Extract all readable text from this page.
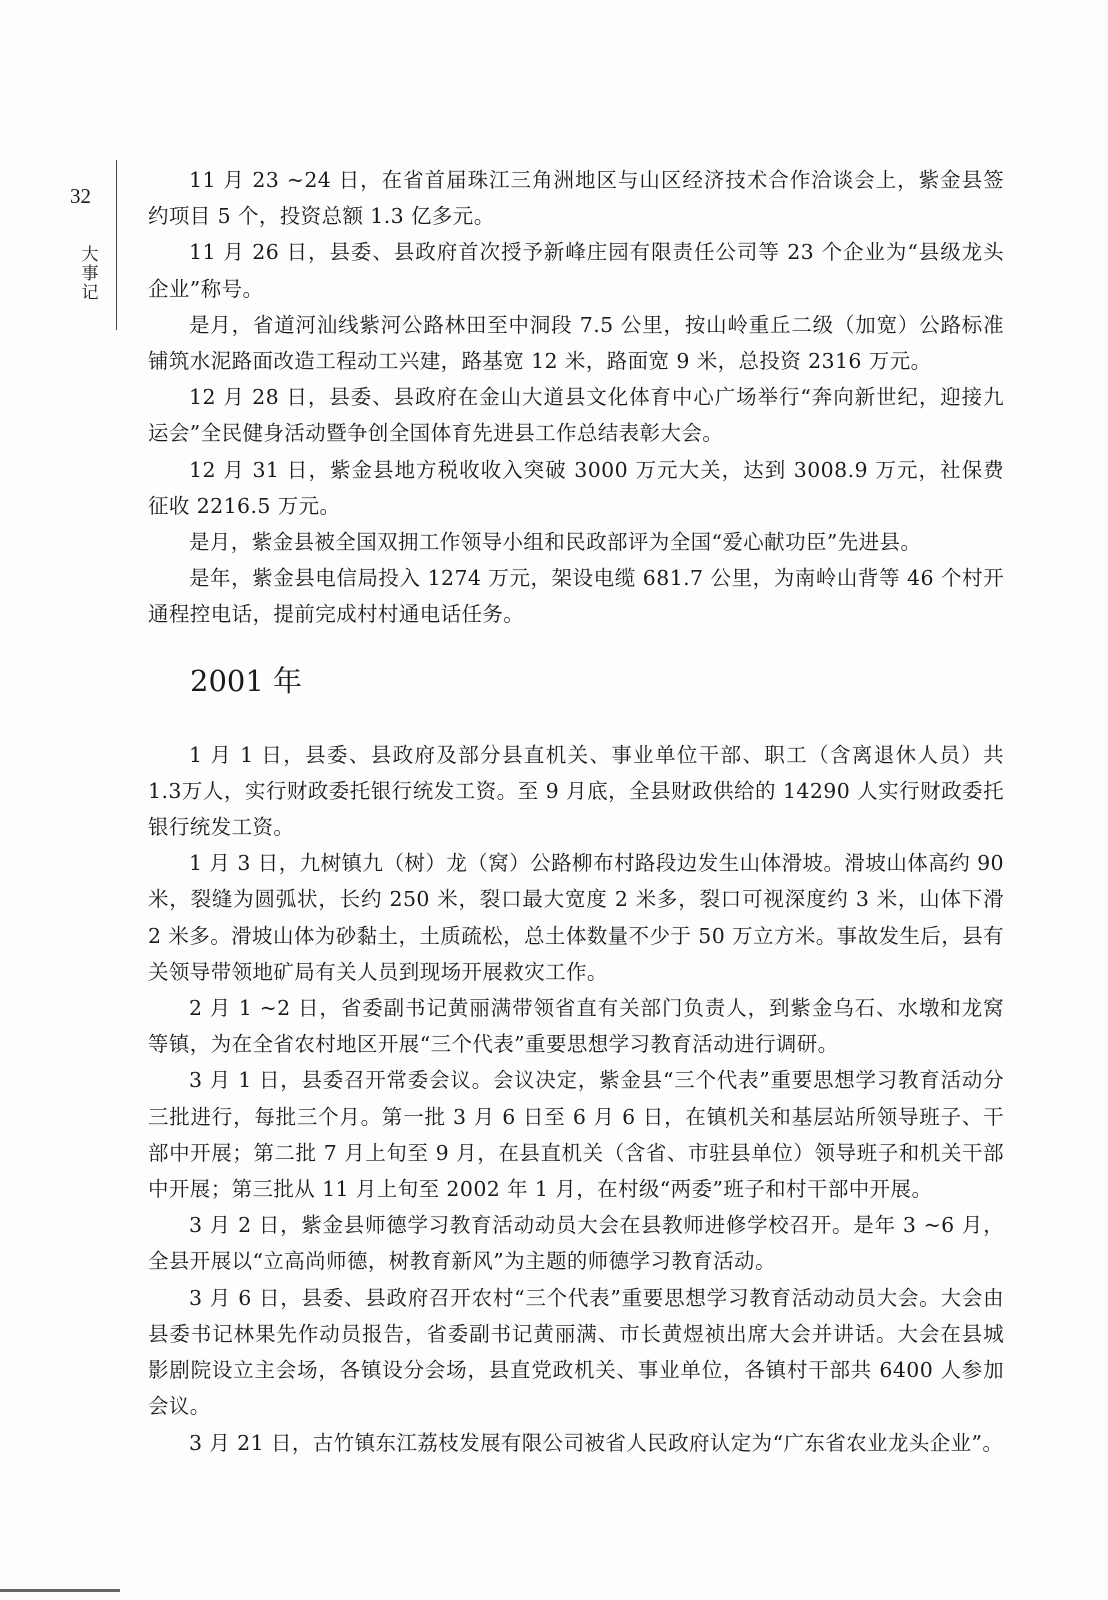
32
大
事
记

11 月 23 ~24 日，在省首届珠江三角洲地区与山区经济技术合作洽谈会上，紫金县签约项目 5 个，投资总额 1.3 亿多元。

11 月 26 日，县委、县政府首次授予新峰庄园有限责任公司等 23 个企业为“县级龙头企业”称号。

是月，省道河汕线紫河公路林田至中洞段 7.5 公里，按山岭重丘二级（加宽）公路标准铺筑水泥路面改造工程动工兴建，路基宽 12 米，路面宽 9 米，总投资 2316 万元。

12 月 28 日，县委、县政府在金山大道县文化体育中心广场举行“奔向新世纪，迎接九运会”全民健身活动暨争创全国体育先进县工作总结表彰大会。

12 月 31 日，紫金县地方税收收入突破 3000 万元大关，达到 3008.9 万元，社保费征收 2216.5 万元。

是月，紫金县被全国双拥工作领导小组和民政部评为全国“爱心献功臣”先进县。

是年，紫金县电信局投入 1274 万元，架设电缆 681.7 公里，为南岭山背等 46 个村开通程控电话，提前完成村村通电话任务。

2001 年

1 月 1 日，县委、县政府及部分县直机关、事业单位干部、职工（含离退休人员）共 1.3万人，实行财政委托银行统发工资。至 9 月底，全县财政供给的 14290 人实行财政委托银行统发工资。

1 月 3 日，九树镇九（树）龙（窝）公路柳布村路段边发生山体滑坡。滑坡山体高约 90 米，裂缝为圆弧状，长约 250 米，裂口最大宽度 2 米多，裂口可视深度约 3 米，山体下滑 2 米多。滑坡山体为砂黏土，土质疏松，总土体数量不少于 50 万立方米。事故发生后，县有关领导带领地矿局有关人员到现场开展救灾工作。

2 月 1 ~2 日，省委副书记黄丽满带领省直有关部门负责人，到紫金乌石、水墩和龙窝等镇，为在全省农村地区开展“三个代表”重要思想学习教育活动进行调研。

3 月 1 日，县委召开常委会议。会议决定，紫金县“三个代表”重要思想学习教育活动分三批进行，每批三个月。第一批 3 月 6 日至 6 月 6 日，在镇机关和基层站所领导班子、干部中开展；第二批 7 月上旬至 9 月，在县直机关（含省、市驻县单位）领导班子和机关干部中开展；第三批从 11 月上旬至 2002 年 1 月，在村级“两委”班子和村干部中开展。

3 月 2 日，紫金县师德学习教育活动动员大会在县教师进修学校召开。是年 3 ~6 月，全县开展以“立高尚师德，树教育新风”为主题的师德学习教育活动。

3 月 6 日，县委、县政府召开农村“三个代表”重要思想学习教育活动动员大会。大会由县委书记林果先作动员报告，省委副书记黄丽满、市长黄煜祯出席大会并讲话。大会在县城影剧院设立主会场，各镇设分会场，县直党政机关、事业单位，各镇村干部共 6400 人参加会议。

3 月 21 日，古竹镇东江荔枝发展有限公司被省人民政府认定为“广东省农业龙头企业”。
